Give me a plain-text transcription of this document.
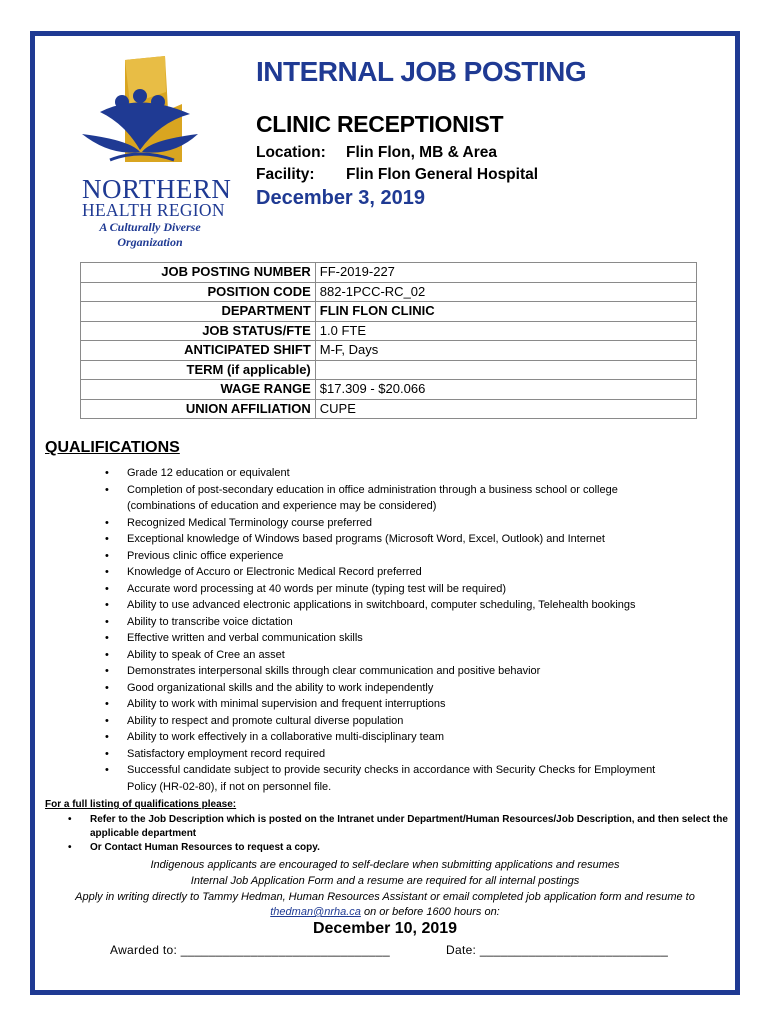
NORTHERN
HEALTH REGION
A Culturally Diverse
Organization
INTERNAL JOB POSTING
CLINIC RECEPTIONIST
Location: Flin Flon, MB & Area
Facility: Flin Flon General Hospital
December 3, 2019
JOB POSTING NUMBER	FF-2019-227
POSITION CODE	882-1PCC-RC_02
DEPARTMENT	FLIN FLON CLINIC
JOB STATUS/FTE	1.0 FTE
ANTICIPATED SHIFT	M-F, Days
TERM (if applicable)	
WAGE RANGE	$17.309 - $20.066
UNION AFFILIATION	CUPE
QUALIFICATIONS
• Grade 12 education or equivalent
• Completion of post-secondary education in office administration through a business school or college (combinations of education and experience may be considered)
• Recognized Medical Terminology course preferred
• Exceptional knowledge of Windows based programs (Microsoft Word, Excel, Outlook) and Internet
• Previous clinic office experience
• Knowledge of Accuro or Electronic Medical Record preferred
• Accurate word processing at 40 words per minute (typing test will be required)
• Ability to use advanced electronic applications in switchboard, computer scheduling, Telehealth bookings
• Ability to transcribe voice dictation
• Effective written and verbal communication skills
• Ability to speak of Cree an asset
• Demonstrates interpersonal skills through clear communication and positive behavior
• Good organizational skills and the ability to work independently
• Ability to work with minimal supervision and frequent interruptions
• Ability to respect and promote cultural diverse population
• Ability to work effectively in a collaborative multi-disciplinary team
• Satisfactory employment record required
• Successful candidate subject to provide security checks in accordance with Security Checks for Employment Policy (HR-02-80), if not on personnel file.
For a full listing of qualifications please:
• Refer to the Job Description which is posted on the Intranet under Department/Human Resources/Job Description, and then select the applicable department
• Or Contact Human Resources to request a copy.
Indigenous applicants are encouraged to self-declare when submitting applications and resumes
Internal Job Application Form and a resume are required for all internal postings
Apply in writing directly to Tammy Hedman, Human Resources Assistant or email completed job application form and resume to
thedman@nrha.ca on or before 1600 hours on:
December 10, 2019
Awarded to: ______________________________	Date: ___________________________
